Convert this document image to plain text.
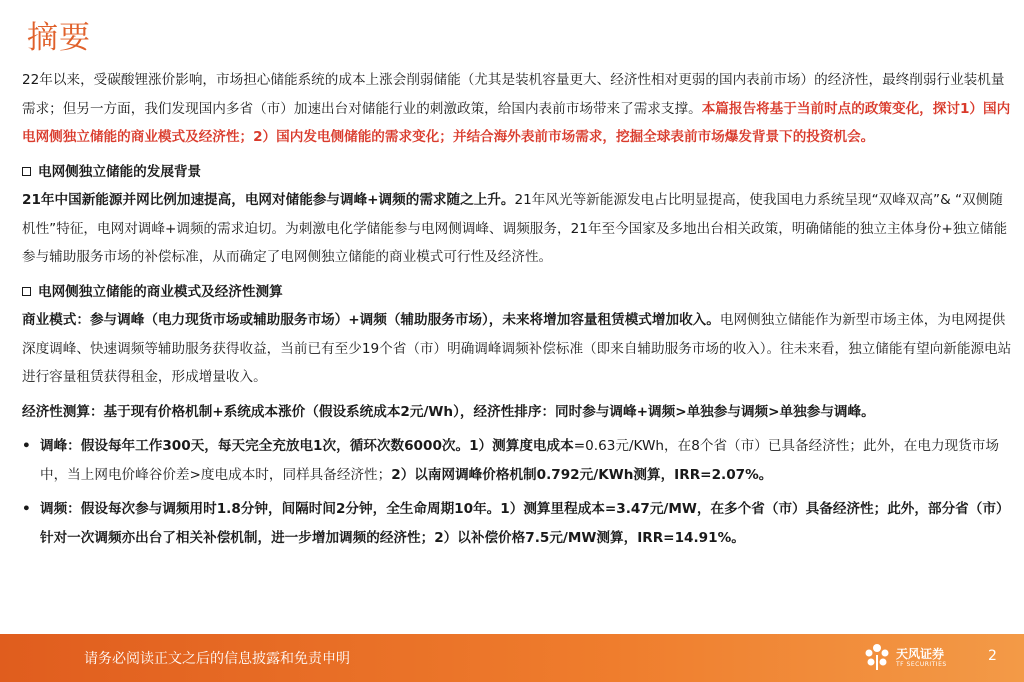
摘要

22年以来，受碳酸锂涨价影响，市场担心储能系统的成本上涨会削弱储能（尤其是装机容量更大、经济性相对更弱的国内表前市场）的经济性，最终削弱行业装机量需求；但另一方面，我们发现国内多省（市）加速出台对储能行业的刺激政策，给国内表前市场带来了需求支撑。本篇报告将基于当前时点的政策变化，探讨1）国内电网侧独立储能的商业模式及经济性；2）国内发电侧储能的需求变化；并结合海外表前市场需求，挖掘全球表前市场爆发背景下的投资机会。

电网侧独立储能的发展背景

21年中国新能源并网比例加速提高，电网对储能参与调峰+调频的需求随之上升。21年风光等新能源发电占比明显提高，使我国电力系统呈现“双峰双高”& “双侧随机性”特征，电网对调峰+调频的需求迫切。为刺激电化学储能参与电网侧调峰、调频服务，21年至今国家及多地出台相关政策，明确储能的独立主体身份+独立储能参与辅助服务市场的补偿标准，从而确定了电网侧独立储能的商业模式可行性及经济性。

电网侧独立储能的商业模式及经济性测算

商业模式：参与调峰（电力现货市场或辅助服务市场）+调频（辅助服务市场），未来将增加容量租赁模式增加收入。电网侧独立储能作为新型市场主体，为电网提供深度调峰、快速调频等辅助服务获得收益，当前已有至少19个省（市）明确调峰调频补偿标准（即来自辅助服务市场的收入）。往未来看，独立储能有望向新能源电站进行容量租赁获得租金，形成增量收入。

经济性测算：基于现有价格机制+系统成本涨价（假设系统成本2元/Wh），经济性排序：同时参与调峰+调频>单独参与调频>单独参与调峰。

• 调峰：假设每年工作300天，每天完全充放电1次，循环次数6000次。1）测算度电成本=0.63元/KWh，在8个省（市）已具备经济性；此外，在电力现货市场中，当上网电价峰谷价差>度电成本时，同样具备经济性；2）以南网调峰价格机制0.792元/KWh测算，IRR=2.07%。
• 调频：假设每次参与调频用时1.8分钟，间隔时间2分钟，全生命周期10年。1）测算里程成本=3.47元/MW，在多个省（市）具备经济性；此外，部分省（市）针对一次调频亦出台了相关补偿机制，进一步增加调频的经济性；2）以补偿价格7.5元/MW测算，IRR=14.91%。
请务必阅读正文之后的信息披露和免责申明	天风证券
TF SECURITIES
2
